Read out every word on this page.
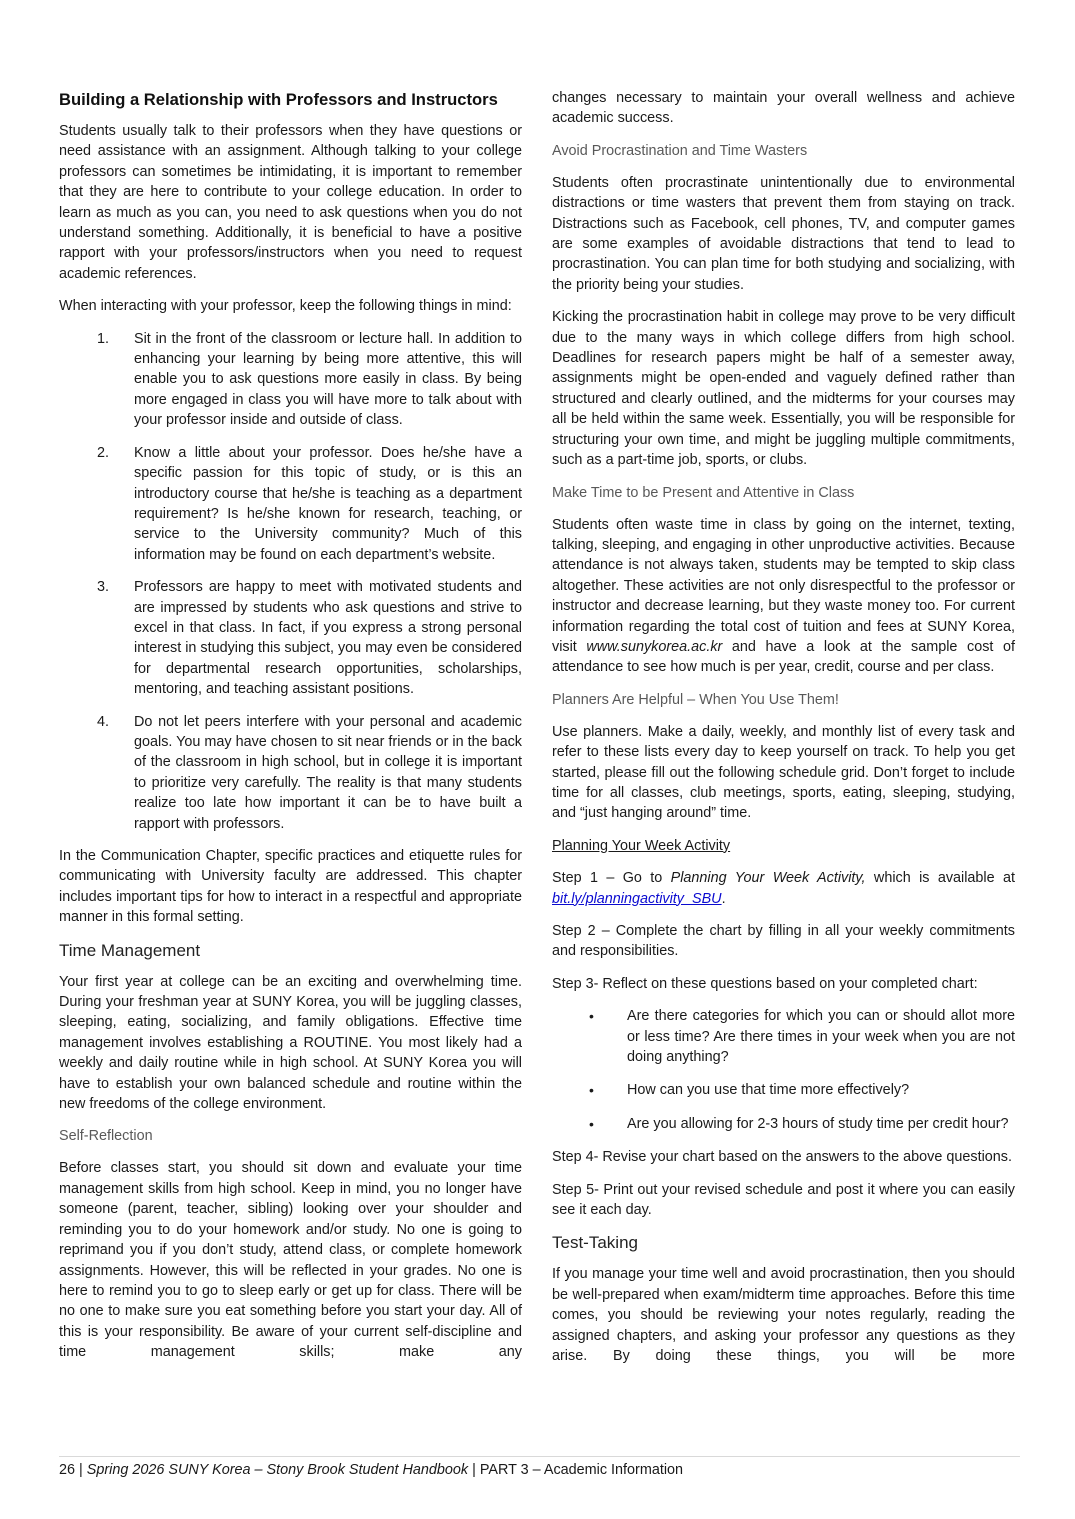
Building a Relationship with Professors and Instructors

Students usually talk to their professors when they have questions or need assistance with an assignment. Although talking to your college professors can sometimes be intimidating, it is important to remember that they are here to contribute to your college education. In order to learn as much as you can, you need to ask questions when you do not understand something. Additionally, it is beneficial to have a positive rapport with your professors/instructors when you need to request academic references.

When interacting with your professor, keep the following things in mind:

1. Sit in the front of the classroom or lecture hall. In addition to enhancing your learning by being more attentive, this will enable you to ask questions more easily in class. By being more engaged in class you will have more to talk about with your professor inside and outside of class.
2. Know a little about your professor. Does he/she have a specific passion for this topic of study, or is this an introductory course that he/she is teaching as a department requirement? Is he/she known for research, teaching, or service to the University community? Much of this information may be found on each department’s website.
3. Professors are happy to meet with motivated students and are impressed by students who ask questions and strive to excel in that class. In fact, if you express a strong personal interest in studying this subject, you may even be considered for departmental research opportunities, scholarships, mentoring, and teaching assistant positions.
4. Do not let peers interfere with your personal and academic goals. You may have chosen to sit near friends or in the back of the classroom in high school, but in college it is important to prioritize very carefully. The reality is that many students realize too late how important it can be to have built a rapport with professors.

In the Communication Chapter, specific practices and etiquette rules for communicating with University faculty are addressed. This chapter includes important tips for how to interact in a respectful and appropriate manner in this formal setting.

Time Management

Your first year at college can be an exciting and overwhelming time. During your freshman year at SUNY Korea, you will be juggling classes, sleeping, eating, socializing, and family obligations. Effective time management involves establishing a ROUTINE. You most likely had a weekly and daily routine while in high school. At SUNY Korea you will have to establish your own balanced schedule and routine within the new freedoms of the college environment.

Self-Reflection

Before classes start, you should sit down and evaluate your time management skills from high school. Keep in mind, you no longer have someone (parent, teacher, sibling) looking over your shoulder and reminding you to do your homework and/or study. No one is going to reprimand you if you don’t study, attend class, or complete homework assignments. However, this will be reflected in your grades. No one is here to remind you to go to sleep early or get up for class. There will be no one to make sure you eat something before you start your day. All of this is your responsibility. Be aware of your current self-discipline and time management skills; make any

changes necessary to maintain your overall wellness and achieve academic success.

Avoid Procrastination and Time Wasters

Students often procrastinate unintentionally due to environmental distractions or time wasters that prevent them from staying on track. Distractions such as Facebook, cell phones, TV, and computer games are some examples of avoidable distractions that tend to lead to procrastination. You can plan time for both studying and socializing, with the priority being your studies.

Kicking the procrastination habit in college may prove to be very difficult due to the many ways in which college differs from high school. Deadlines for research papers might be half of a semester away, assignments might be open-ended and vaguely defined rather than structured and clearly outlined, and the midterms for your courses may all be held within the same week. Essentially, you will be responsible for structuring your own time, and might be juggling multiple commitments, such as a part-time job, sports, or clubs.

Make Time to be Present and Attentive in Class

Students often waste time in class by going on the internet, texting, talking, sleeping, and engaging in other unproductive activities. Because attendance is not always taken, students may be tempted to skip class altogether. These activities are not only disrespectful to the professor or instructor and decrease learning, but they waste money too. For current information regarding the total cost of tuition and fees at SUNY Korea, visit www.sunykorea.ac.kr and have a look at the sample cost of attendance to see how much is per year, credit, course and per class.

Planners Are Helpful – When You Use Them!

Use planners. Make a daily, weekly, and monthly list of every task and refer to these lists every day to keep yourself on track. To help you get started, please fill out the following schedule grid. Don’t forget to include time for all classes, club meetings, sports, eating, sleeping, studying, and “just hanging around” time.

Planning Your Week Activity

Step 1 – Go to Planning Your Week Activity, which is available at bit.ly/planningactivity_SBU.

Step 2 – Complete the chart by filling in all your weekly commitments and responsibilities.

Step 3- Reflect on these questions based on your completed chart:

• Are there categories for which you can or should allot more or less time? Are there times in your week when you are not doing anything?
• How can you use that time more effectively?
• Are you allowing for 2-3 hours of study time per credit hour?

Step 4- Revise your chart based on the answers to the above questions.

Step 5- Print out your revised schedule and post it where you can easily see it each day.

Test-Taking

If you manage your time well and avoid procrastination, then you should be well-prepared when exam/midterm time approaches. Before this time comes, you should be reviewing your notes regularly, reading the assigned chapters, and asking your professor any questions as they arise. By doing these things, you will be more

26 | Spring 2026 SUNY Korea – Stony Brook Student Handbook | PART 3 – Academic Information
